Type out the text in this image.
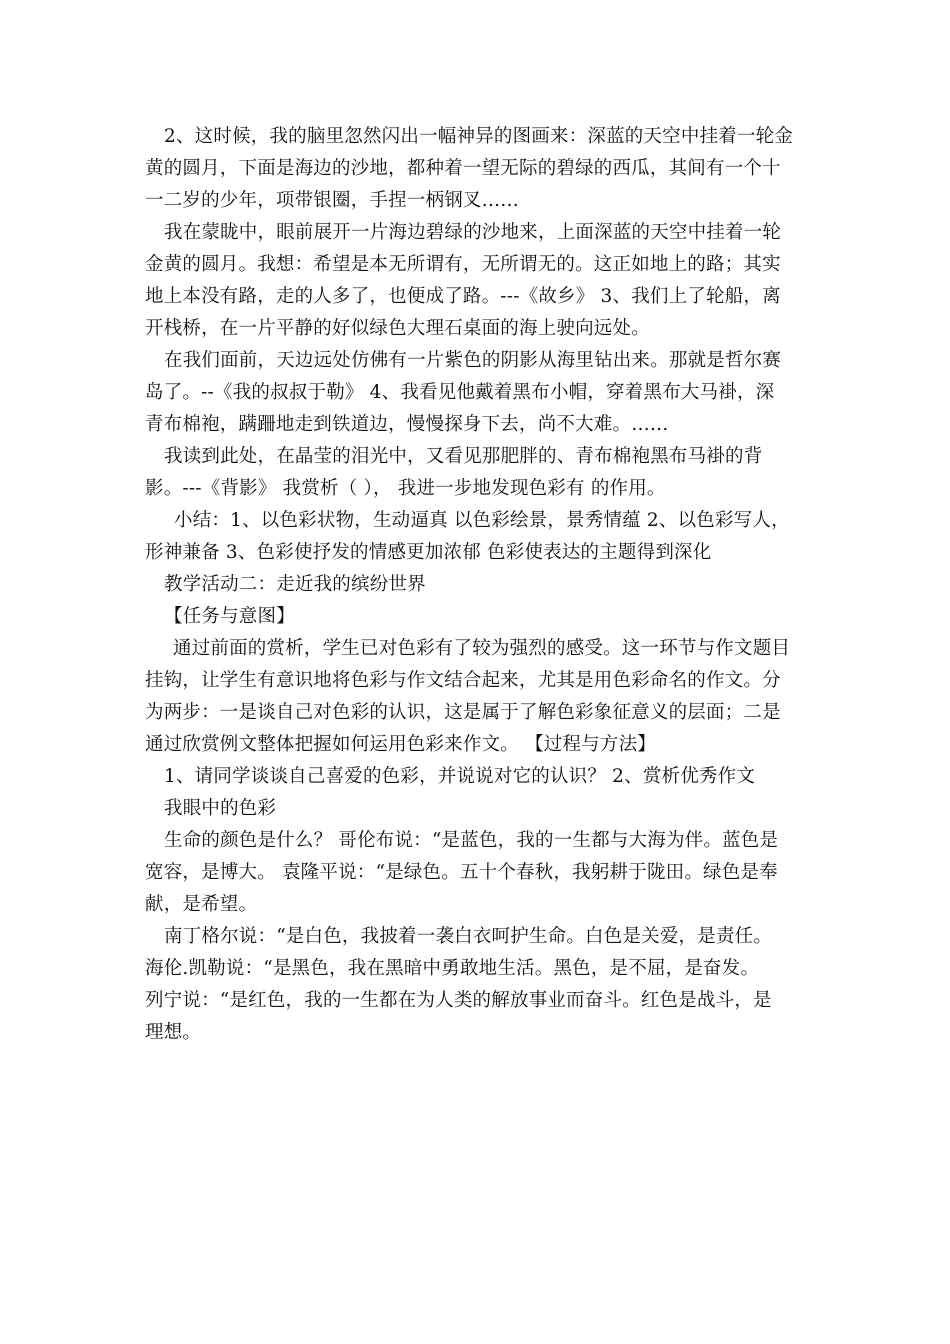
2、这时候，我的脑里忽然闪出一幅神异的图画来：深蓝的天空中挂着一轮金
黄的圆月，下面是海边的沙地，都种着一望无际的碧绿的西瓜，其间有一个十
一二岁的少年，项带银圈，手捏一柄钢叉……
我在蒙眬中，眼前展开一片海边碧绿的沙地来，上面深蓝的天空中挂着一轮
金黄的圆月。我想：希望是本无所谓有，无所谓无的。这正如地上的路；其实
地上本没有路，走的人多了，也便成了路。---《故乡》 3、我们上了轮船，离
开栈桥，在一片平静的好似绿色大理石桌面的海上驶向远处。
在我们面前，天边远处仿佛有一片紫色的阴影从海里钻出来。那就是哲尔赛
岛了。--《我的叔叔于勒》 4、我看见他戴着黑布小帽，穿着黑布大马褂，深
青布棉袍，蹒跚地走到铁道边，慢慢探身下去，尚不大难。……
我读到此处，在晶莹的泪光中，又看见那肥胖的、青布棉袍黑布马褂的背
影。---《背影》 我赏析（ ）， 我进一步地发现色彩有 的作用。
小结：1、以色彩状物，生动逼真 以色彩绘景，景秀情蕴 2、以色彩写人，
形神兼备 3、色彩使抒发的情感更加浓郁 色彩使表达的主题得到深化
教学活动二：走近我的缤纷世界
【任务与意图】
通过前面的赏析，学生已对色彩有了较为强烈的感受。这一环节与作文题目
挂钩，让学生有意识地将色彩与作文结合起来，尤其是用色彩命名的作文。分
为两步：一是谈自己对色彩的认识，这是属于了解色彩象征意义的层面；二是
通过欣赏例文整体把握如何运用色彩来作文。 【过程与方法】
1、请同学谈谈自己喜爱的色彩，并说说对它的认识？ 2、赏析优秀作文
我眼中的色彩
生命的颜色是什么？ 哥伦布说：“是蓝色，我的一生都与大海为伴。蓝色是
宽容，是博大。 袁隆平说：“是绿色。五十个春秋，我躬耕于陇田。绿色是奉
献，是希望。
南丁格尔说：“是白色，我披着一袭白衣呵护生命。白色是关爱，是责任。
海伦.凯勒说：“是黑色，我在黑暗中勇敢地生活。黑色，是不屈，是奋发。
列宁说：“是红色，我的一生都在为人类的解放事业而奋斗。红色是战斗，是
理想。
